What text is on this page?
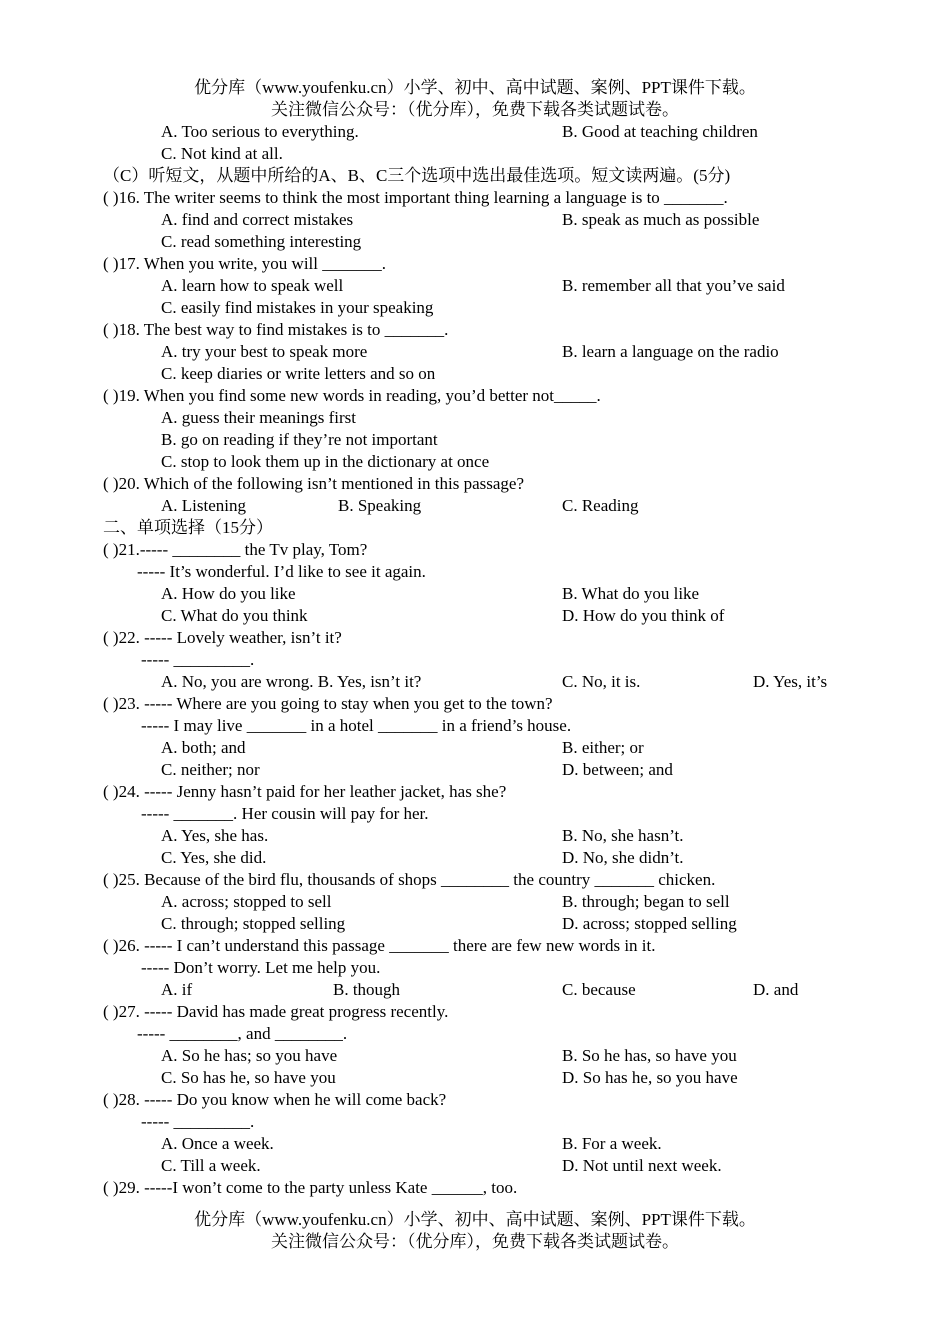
优分库（www.youfenku.cn）小学、初中、高中试题、案例、PPT课件下载。
关注微信公众号：（优分库），免费下载各类试题试卷。
A. Too serious to everything.	B. Good at teaching children
C. Not kind at all.
（C）听短文，从题中所给的A、B、C三个选项中选出最佳选项。短文读两遍。(5分)
( )16. The writer seems to think the most important thing learning a language is to _______.
A. find and correct mistakes	B. speak as much as possible
C. read something interesting
( )17. When you write, you will _______.
A. learn how to speak well	B. remember all that you’ve said
C. easily find mistakes in your speaking
( )18. The best way to find mistakes is to _______.
A. try your best to speak more	B. learn a language on the radio
C. keep diaries or write letters and so on
( )19. When you find some new words in reading, you’d better not_____.
A. guess their meanings first
B. go on reading if they’re not important
C. stop to look them up in the dictionary at once
( )20. Which of the following isn’t mentioned in this passage?
A. Listening	B. Speaking	C. Reading
二、单项选择（15分）
( )21.----- ________ the Tv play, Tom?
----- It’s wonderful. I’d like to see it again.
A. How do you like	B. What do you like
C. What do you think	D. How do you think of
( )22. ----- Lovely weather, isn’t it?
----- _________.
A. No, you are wrong. B. Yes, isn’t it?	C. No, it is.	D. Yes, it’s
( )23. ----- Where are you going to stay when you get to the town?
----- I may live _______ in a hotel _______ in a friend’s house.
A. both; and	B. either; or
C. neither; nor	D. between; and
( )24. ----- Jenny hasn’t paid for her leather jacket, has she?
----- _______. Her cousin will pay for her.
A. Yes, she has.	B. No, she hasn’t.
C. Yes, she did.	D. No, she didn’t.
( )25. Because of the bird flu, thousands of shops ________ the country _______ chicken.
A. across; stopped to sell	B. through; began to sell
C. through; stopped selling	D. across; stopped selling
( )26. ----- I can’t understand this passage _______ there are few new words in it.
----- Don’t worry. Let me help you.
A. if	B. though	C. because	D. and
( )27. ----- David has made great progress recently.
----- ________, and ________.
A. So he has; so you have	B. So he has, so have you
C. So has he, so have you	D. So has he, so you have
( )28. ----- Do you know when he will come back?
----- _________.
A. Once a week.	B. For a week.
C. Till a week.	D. Not until next week.
( )29. -----I won’t come to the party unless Kate ______, too.
优分库（www.youfenku.cn）小学、初中、高中试题、案例、PPT课件下载。
关注微信公众号：（优分库），免费下载各类试题试卷。
